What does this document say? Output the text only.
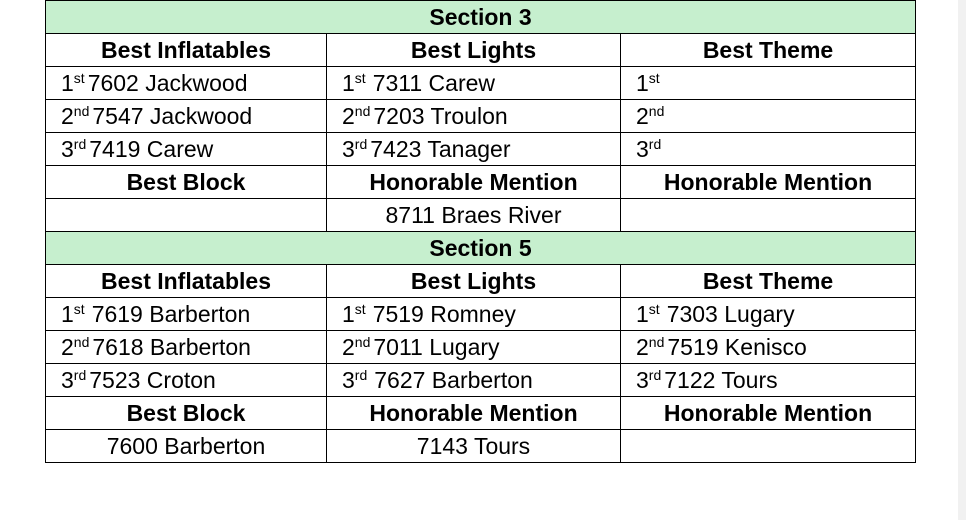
Section 3		
Best Inflatables	Best Lights	Best Theme
1st 7602 Jackwood	1st 7311 Carew	1st
2nd 7547 Jackwood	2nd 7203 Troulon	2nd
3rd 7419 Carew	3rd 7423 Tanager	3rd
Best Block	Honorable Mention	Honorable Mention
	8711 Braes River	
Section 5		
Best Inflatables	Best Lights	Best Theme
1st 7619 Barberton	1st 7519 Romney	1st 7303 Lugary
2nd 7618 Barberton	2nd 7011 Lugary	2nd 7519 Kenisco
3rd 7523 Croton	3rd 7627 Barberton	3rd 7122 Tours
Best Block	Honorable Mention	Honorable Mention
7600 Barberton	7143 Tours	
